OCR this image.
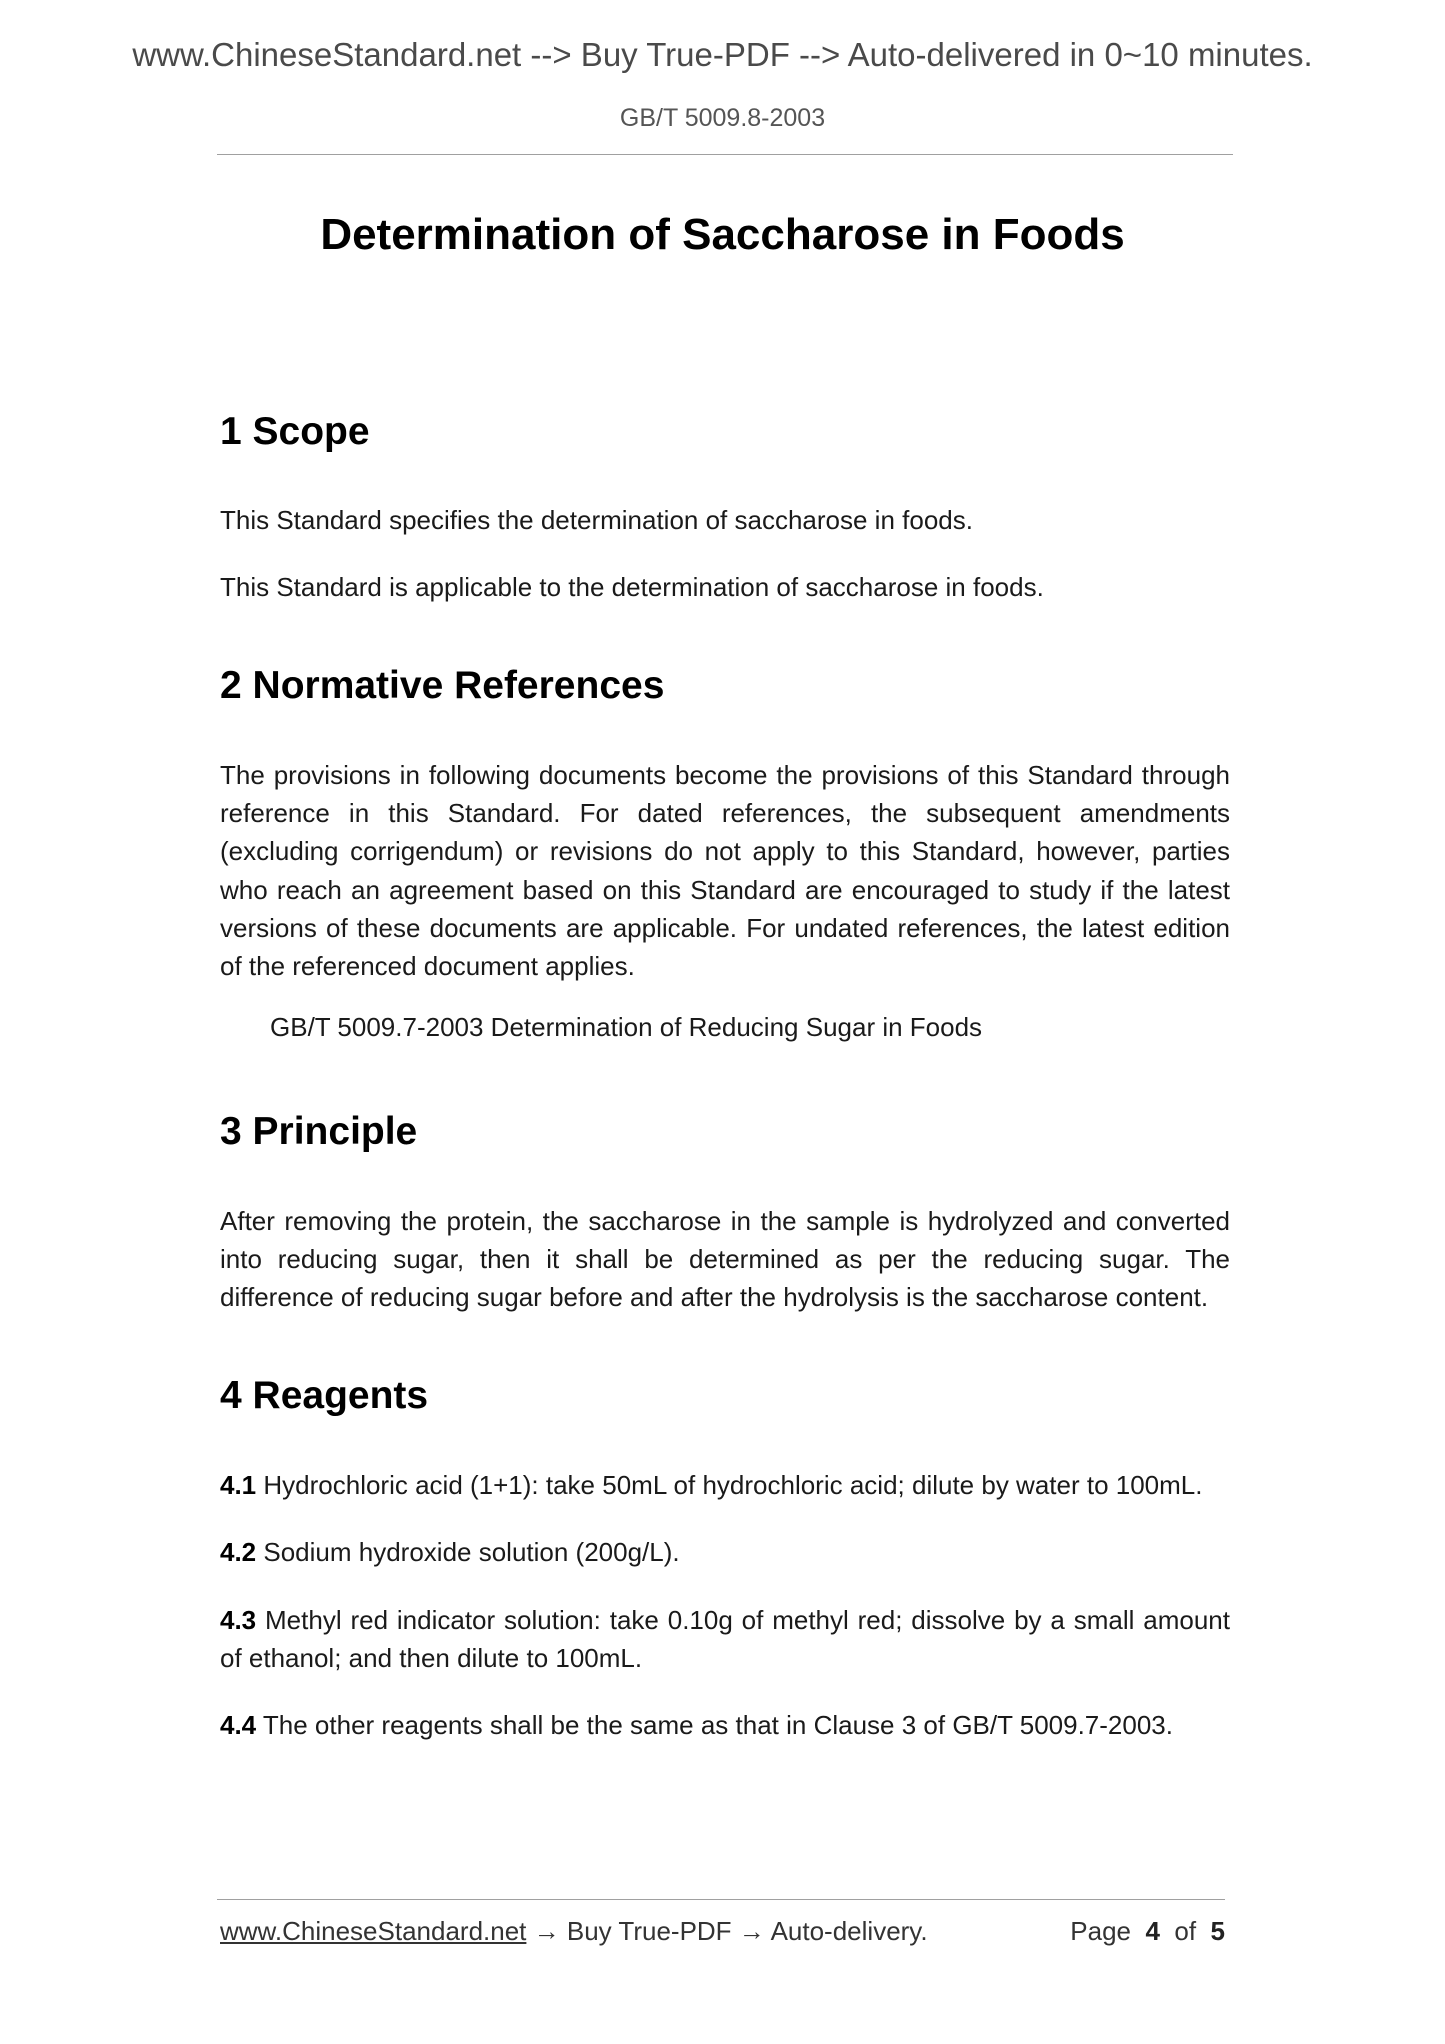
www.ChineseStandard.net --> Buy True-PDF --> Auto-delivered in 0~10 minutes.
GB/T 5009.8-2003
Determination of Saccharose in Foods
1 Scope
This Standard specifies the determination of saccharose in foods.
This Standard is applicable to the determination of saccharose in foods.
2 Normative References
The provisions in following documents become the provisions of this Standard through reference in this Standard. For dated references, the subsequent amendments (excluding corrigendum) or revisions do not apply to this Standard, however, parties who reach an agreement based on this Standard are encouraged to study if the latest versions of these documents are applicable. For undated references, the latest edition of the referenced document applies.
GB/T 5009.7-2003 Determination of Reducing Sugar in Foods
3 Principle
After removing the protein, the saccharose in the sample is hydrolyzed and converted into reducing sugar, then it shall be determined as per the reducing sugar. The difference of reducing sugar before and after the hydrolysis is the saccharose content.
4 Reagents
4.1 Hydrochloric acid (1+1): take 50mL of hydrochloric acid; dilute by water to 100mL.
4.2 Sodium hydroxide solution (200g/L).
4.3 Methyl red indicator solution: take 0.10g of methyl red; dissolve by a small amount of ethanol; and then dilute to 100mL.
4.4 The other reagents shall be the same as that in Clause 3 of GB/T 5009.7-2003.
www.ChineseStandard.net → Buy True-PDF → Auto-delivery.	Page 4 of 5
